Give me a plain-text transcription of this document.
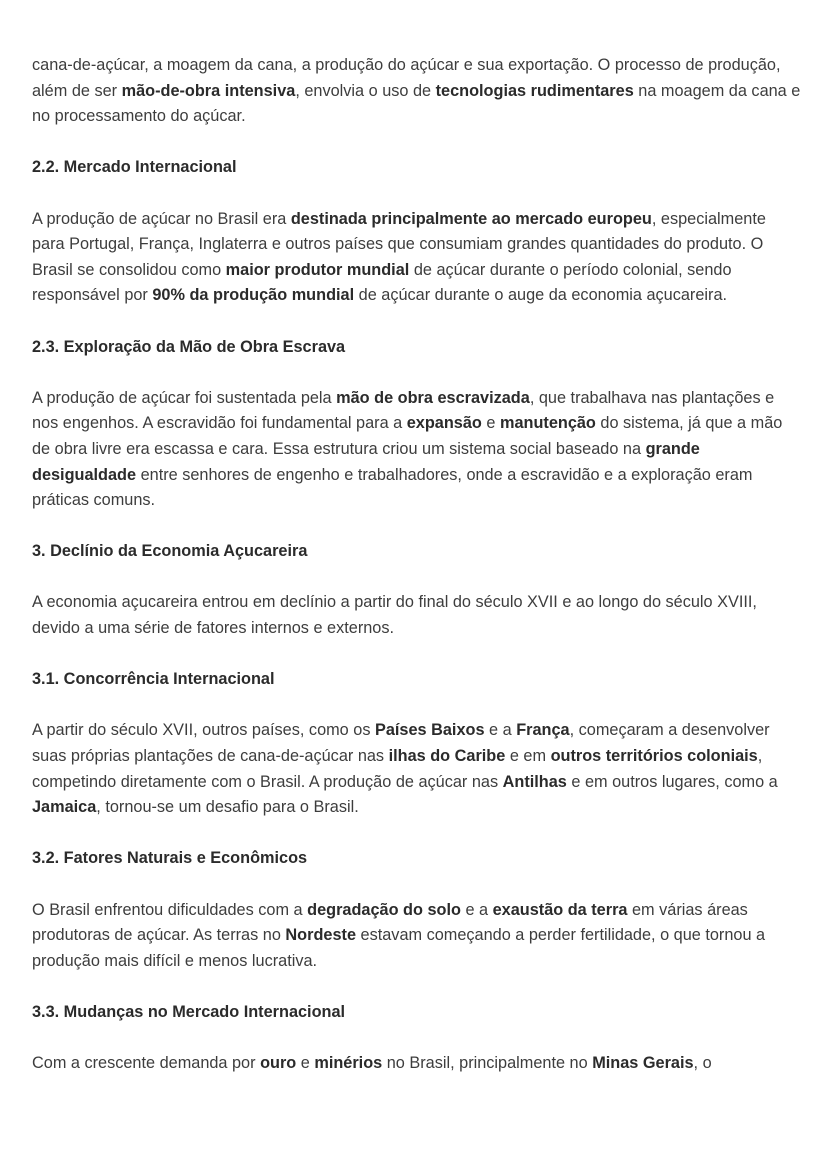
cana-de-açúcar, a moagem da cana, a produção do açúcar e sua exportação. O processo de produção, além de ser mão-de-obra intensiva, envolvia o uso de tecnologias rudimentares na moagem da cana e no processamento do açúcar.

2.2. Mercado Internacional

A produção de açúcar no Brasil era destinada principalmente ao mercado europeu, especialmente para Portugal, França, Inglaterra e outros países que consumiam grandes quantidades do produto. O Brasil se consolidou como maior produtor mundial de açúcar durante o período colonial, sendo responsável por 90% da produção mundial de açúcar durante o auge da economia açucareira.

2.3. Exploração da Mão de Obra Escrava

A produção de açúcar foi sustentada pela mão de obra escravizada, que trabalhava nas plantações e nos engenhos. A escravidão foi fundamental para a expansão e manutenção do sistema, já que a mão de obra livre era escassa e cara. Essa estrutura criou um sistema social baseado na grande desigualdade entre senhores de engenho e trabalhadores, onde a escravidão e a exploração eram práticas comuns.

3. Declínio da Economia Açucareira

A economia açucareira entrou em declínio a partir do final do século XVII e ao longo do século XVIII, devido a uma série de fatores internos e externos.

3.1. Concorrência Internacional

A partir do século XVII, outros países, como os Países Baixos e a França, começaram a desenvolver suas próprias plantações de cana-de-açúcar nas ilhas do Caribe e em outros territórios coloniais, competindo diretamente com o Brasil. A produção de açúcar nas Antilhas e em outros lugares, como a Jamaica, tornou-se um desafio para o Brasil.

3.2. Fatores Naturais e Econômicos

O Brasil enfrentou dificuldades com a degradação do solo e a exaustão da terra em várias áreas produtoras de açúcar. As terras no Nordeste estavam começando a perder fertilidade, o que tornou a produção mais difícil e menos lucrativa.

3.3. Mudanças no Mercado Internacional

Com a crescente demanda por ouro e minérios no Brasil, principalmente no Minas Gerais, o
